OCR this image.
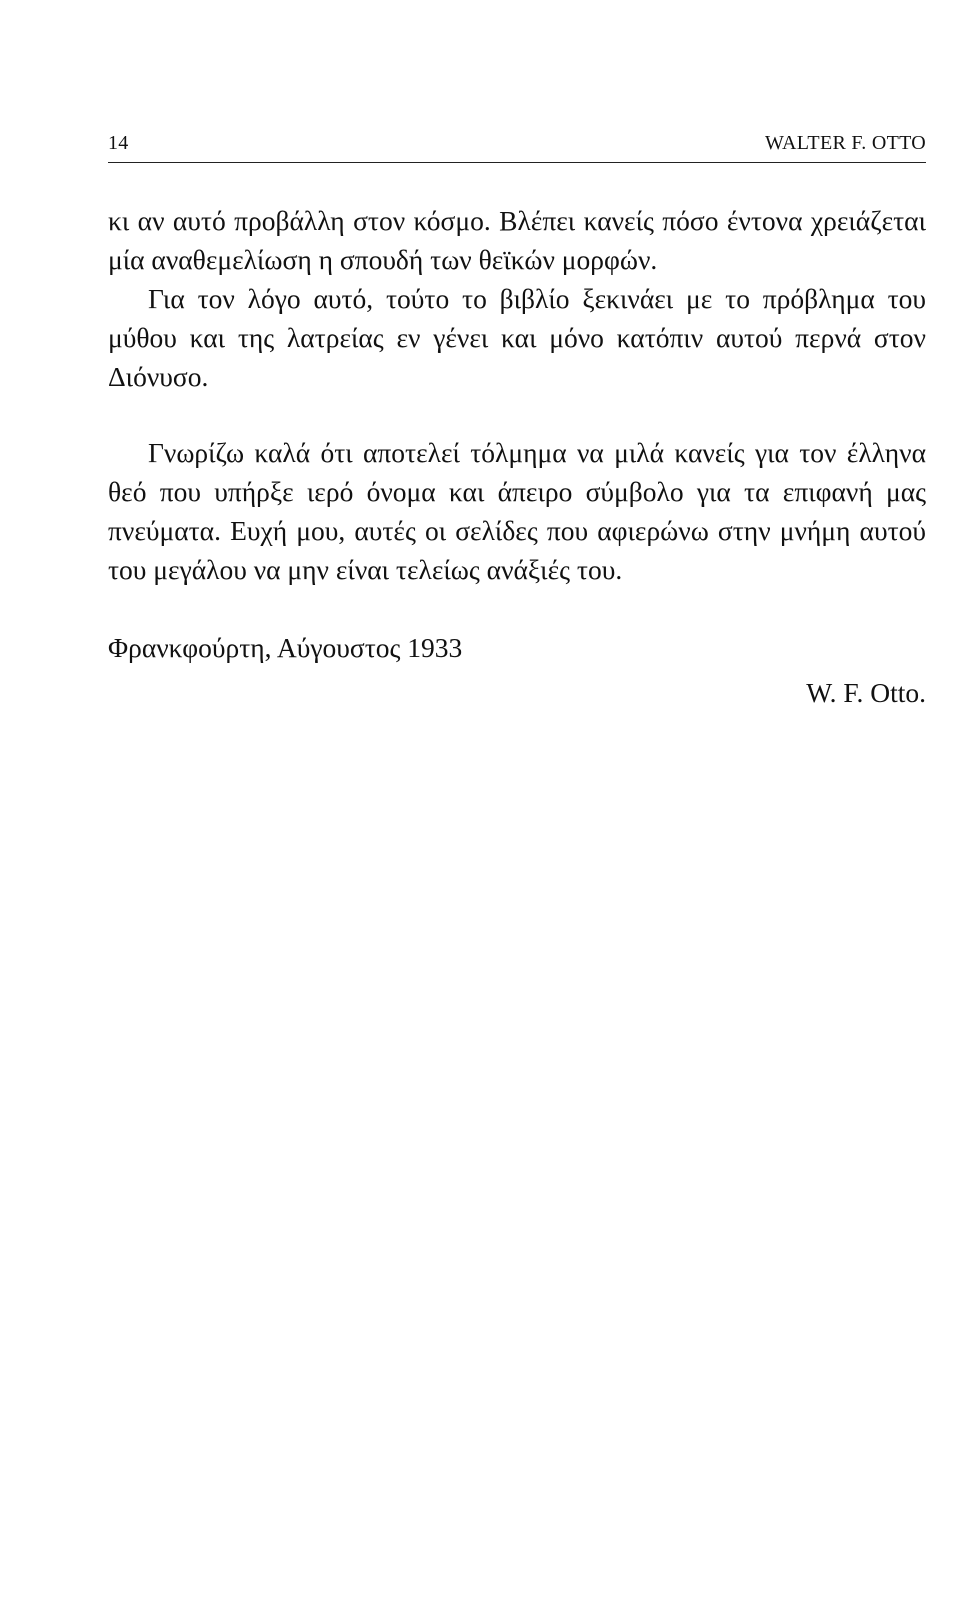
14	WALTER F. OTTO

κι αν αυτό προβάλλη στον κόσμο. Βλέπει κανείς πόσο έντονα χρειάζεται μία αναθεμελίωση η σπουδή των θεϊκών μορφών.

Για τον λόγο αυτό, τούτο το βιβλίο ξεκινάει με το πρόβλημα του μύθου και της λατρείας εν γένει και μόνο κατόπιν αυτού περνά στον Διόνυσο.

Γνωρίζω καλά ότι αποτελεί τόλμημα να μιλά κανείς για τον έλληνα θεό που υπήρξε ιερό όνομα και άπειρο σύμβολο για τα επιφανή μας πνεύματα. Ευχή μου, αυτές οι σελίδες που αφιερώνω στην μνήμη αυτού του μεγάλου να μην είναι τελείως ανάξιές του.

Φρανκφούρτη, Αύγουστος 1933
W. F. Otto.
